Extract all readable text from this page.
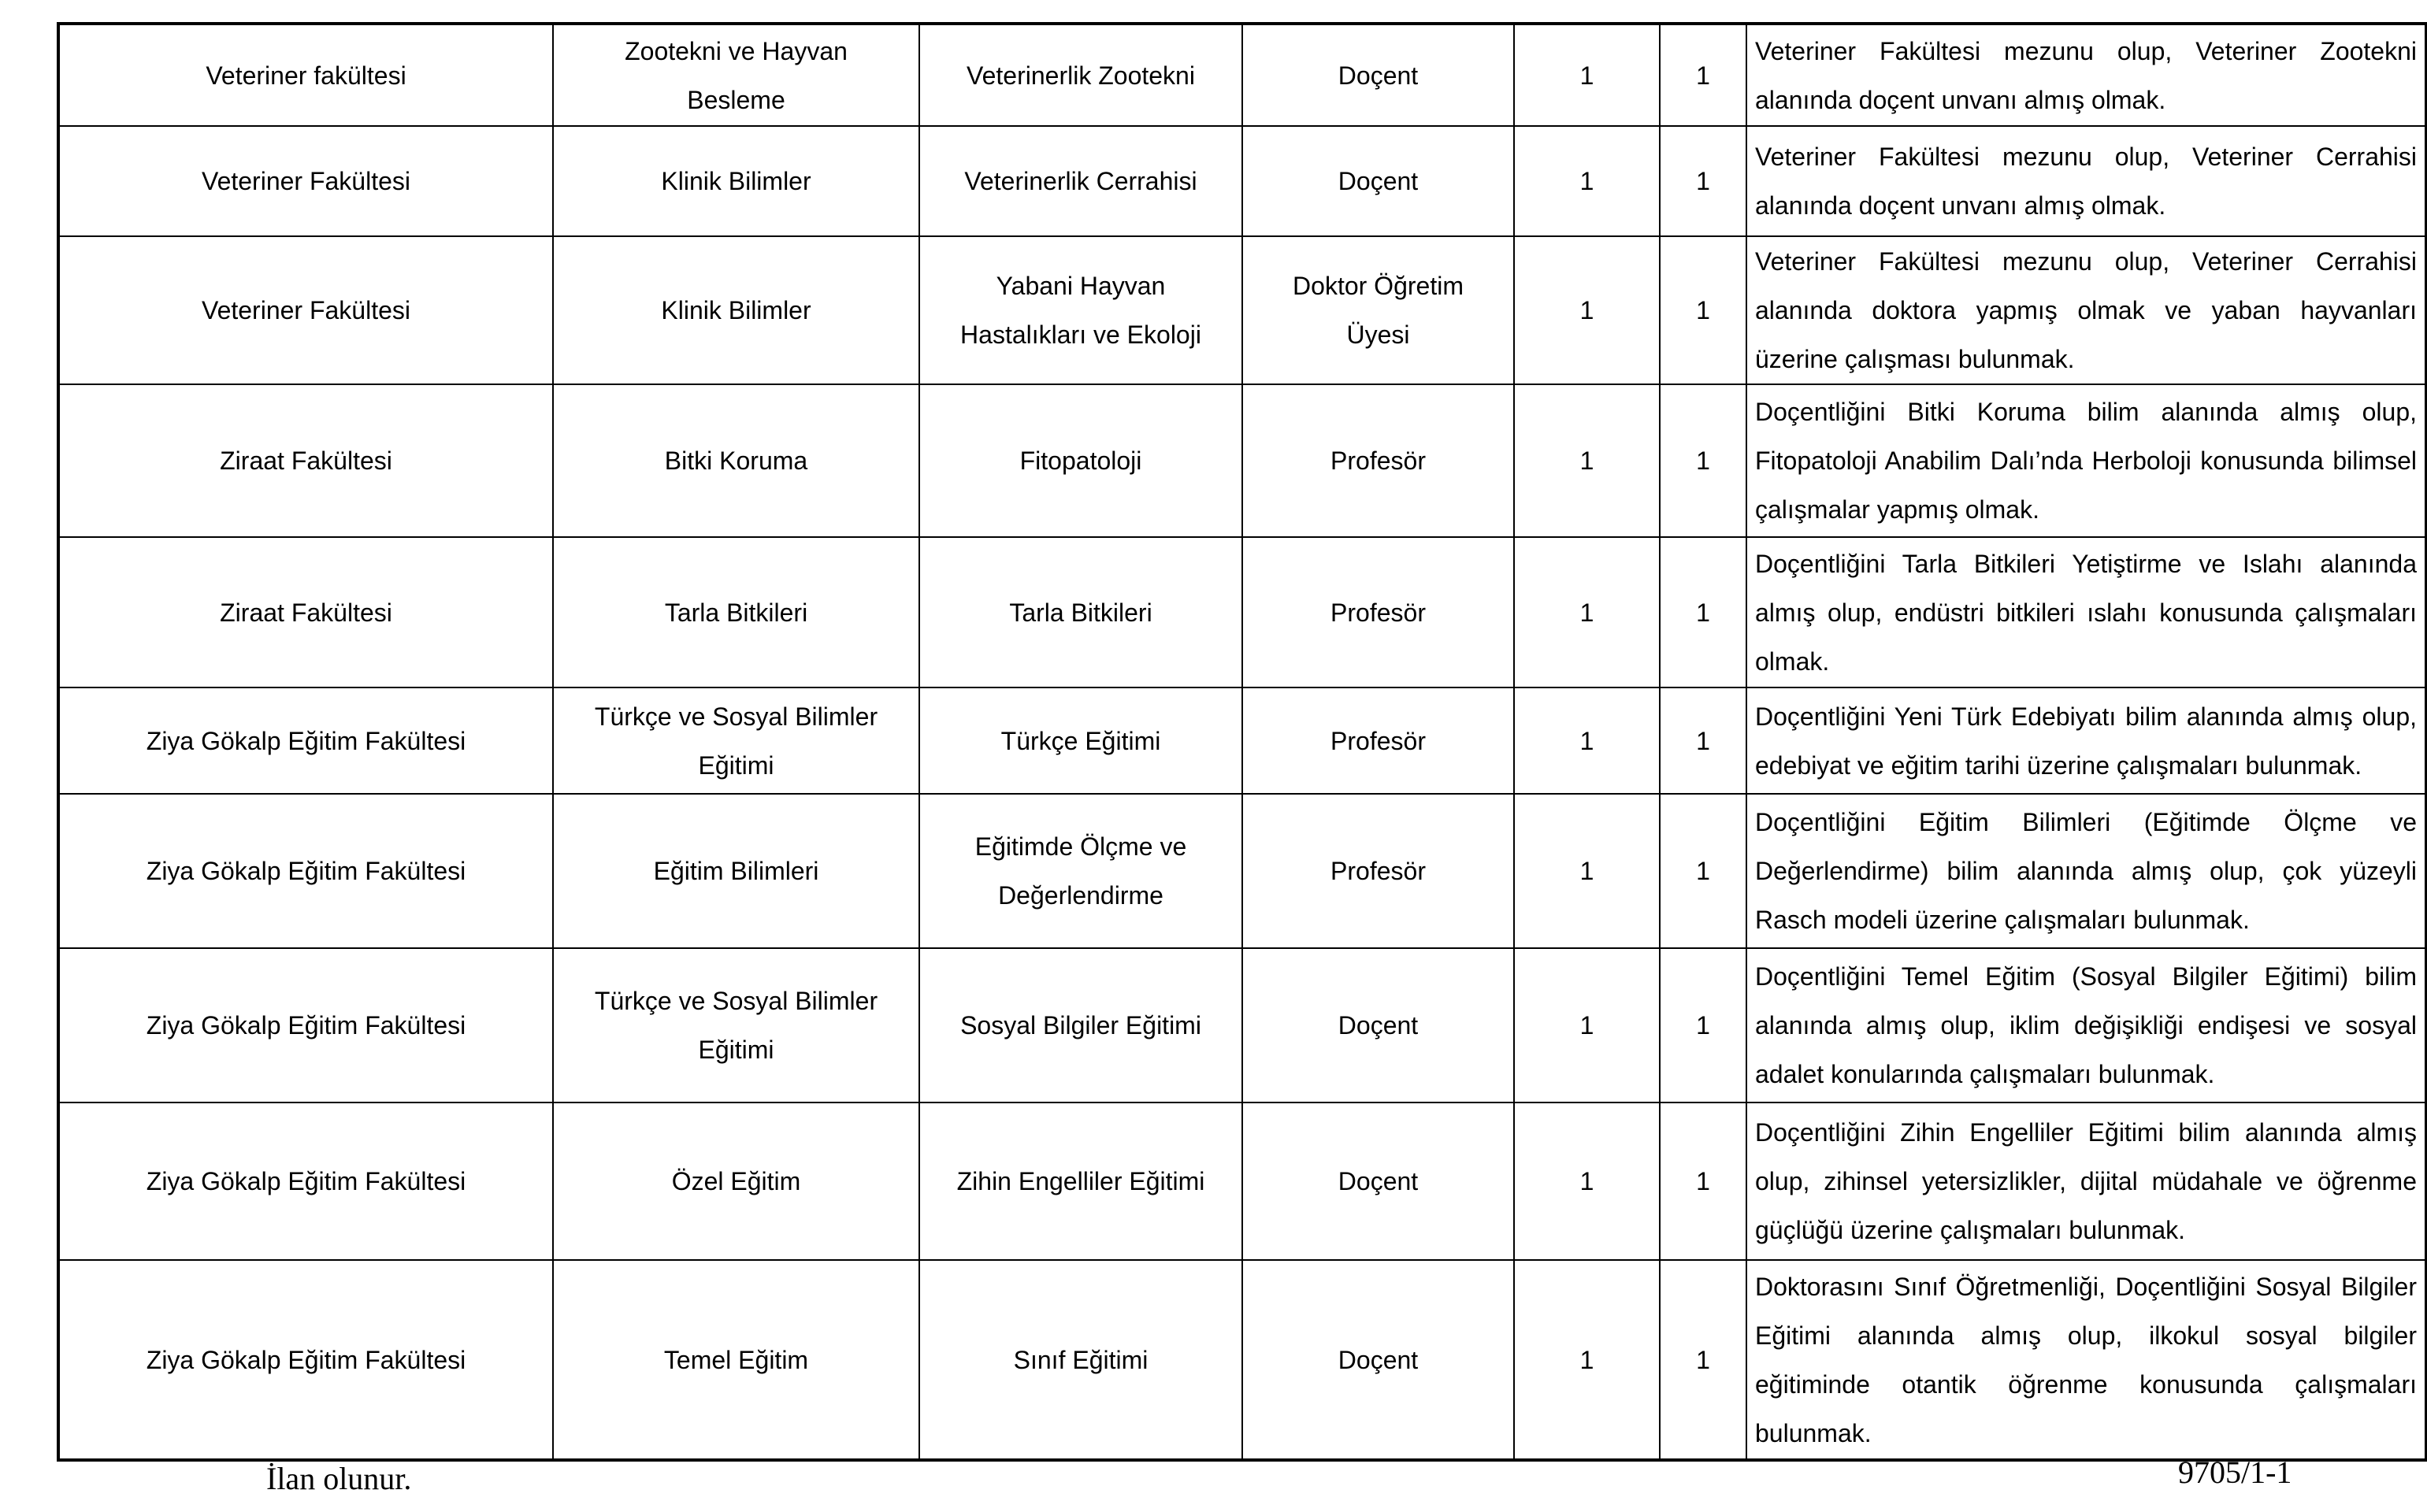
Veteriner fakültesi	Zootekni ve Hayvan Besleme	Veterinerlik Zootekni	Doçent	1	1	Veteriner Fakültesi mezunu olup, Veteriner Zootekni alanında doçent unvanı almış olmak.
Veteriner Fakültesi	Klinik Bilimler	Veterinerlik Cerrahisi	Doçent	1	1	Veteriner Fakültesi mezunu olup, Veteriner Cerrahisi alanında doçent unvanı almış olmak.
Veteriner Fakültesi	Klinik Bilimler	Yabani Hayvan Hastalıkları ve Ekoloji	Doktor Öğretim Üyesi	1	1	Veteriner Fakültesi mezunu olup, Veteriner Cerrahisi alanında doktora yapmış olmak ve yaban hayvanları üzerine çalışması bulunmak.
Ziraat Fakültesi	Bitki Koruma	Fitopatoloji	Profesör	1	1	Doçentliğini Bitki Koruma bilim alanında almış olup, Fitopatoloji Anabilim Dalı’nda Herboloji konusunda bilimsel çalışmalar yapmış olmak.
Ziraat Fakültesi	Tarla Bitkileri	Tarla Bitkileri	Profesör	1	1	Doçentliğini Tarla Bitkileri Yetiştirme ve Islahı alanında almış olup, endüstri bitkileri ıslahı konusunda çalışmaları olmak.
Ziya Gökalp Eğitim Fakültesi	Türkçe ve Sosyal Bilimler Eğitimi	Türkçe Eğitimi	Profesör	1	1	Doçentliğini Yeni Türk Edebiyatı bilim alanında almış olup, edebiyat ve eğitim tarihi üzerine çalışmaları bulunmak.
Ziya Gökalp Eğitim Fakültesi	Eğitim Bilimleri	Eğitimde Ölçme ve Değerlendirme	Profesör	1	1	Doçentliğini Eğitim Bilimleri (Eğitimde Ölçme ve Değerlendirme) bilim alanında almış olup, çok yüzeyli Rasch modeli üzerine çalışmaları bulunmak.
Ziya Gökalp Eğitim Fakültesi	Türkçe ve Sosyal Bilimler Eğitimi	Sosyal Bilgiler Eğitimi	Doçent	1	1	Doçentliğini Temel Eğitim (Sosyal Bilgiler Eğitimi) bilim alanında almış olup, iklim değişikliği endişesi ve sosyal adalet konularında çalışmaları bulunmak.
Ziya Gökalp Eğitim Fakültesi	Özel Eğitim	Zihin Engelliler Eğitimi	Doçent	1	1	Doçentliğini Zihin Engelliler Eğitimi bilim alanında almış olup, zihinsel yetersizlikler, dijital müdahale ve öğrenme güçlüğü üzerine çalışmaları bulunmak.
Ziya Gökalp Eğitim Fakültesi	Temel Eğitim	Sınıf Eğitimi	Doçent	1	1	Doktorasını Sınıf Öğretmenliği, Doçentliğini Sosyal Bilgiler Eğitimi alanında almış olup, ilkokul sosyal bilgiler eğitiminde otantik öğrenme konusunda çalışmaları bulunmak.
İlan olunur.	9705/1-1
